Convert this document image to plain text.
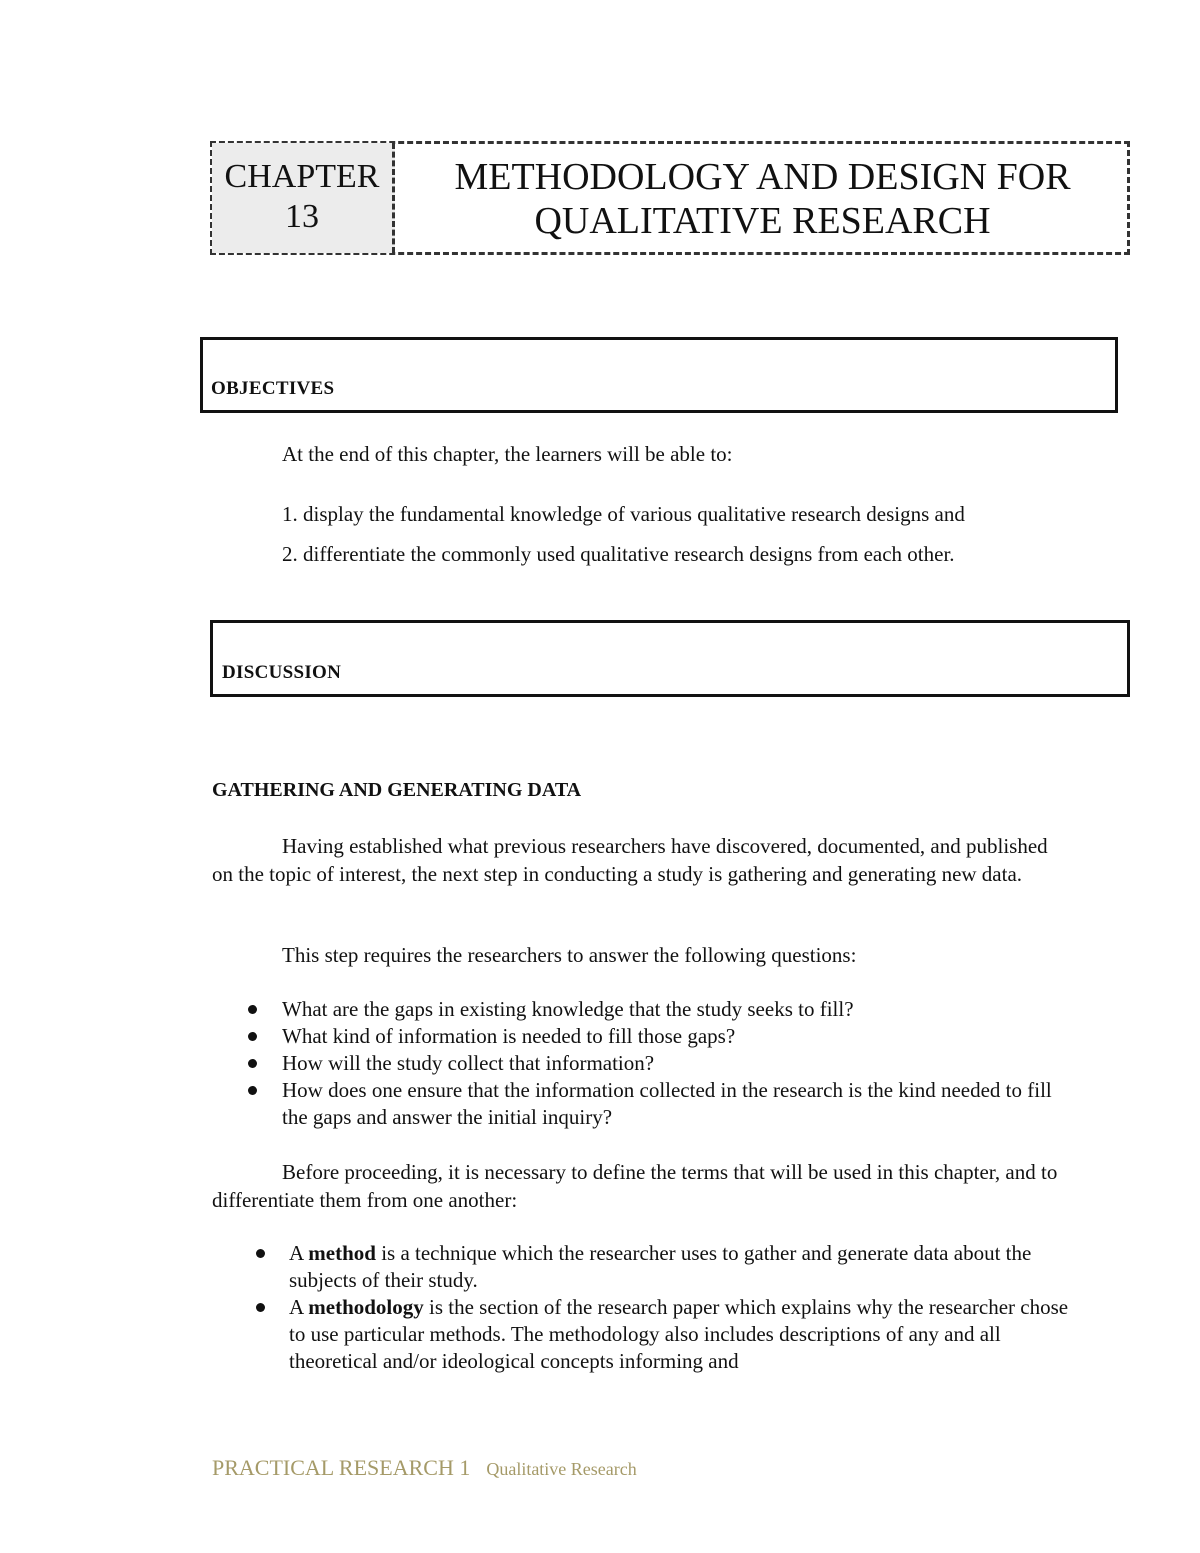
CHAPTER
13
METHODOLOGY AND DESIGN FOR
QUALITATIVE RESEARCH
OBJECTIVES
At the end of this chapter, the learners will be able to:
1. display the fundamental knowledge of various qualitative research designs and
2. differentiate the commonly used qualitative research designs from each other.
DISCUSSION
GATHERING AND GENERATING DATA
Having established what previous researchers have discovered, documented, and published on the topic of interest, the next step in conducting a study is gathering and generating new data.
This step requires the researchers to answer the following questions:
What are the gaps in existing knowledge that the study seeks to fill?
What kind of information is needed to fill those gaps?
How will the study collect that information?
How does one ensure that the information collected in the research is the kind needed to fill the gaps and answer the initial inquiry?
Before proceeding, it is necessary to define the terms that will be used in this chapter, and to differentiate them from one another:
A method is a technique which the researcher uses to gather and generate data about the subjects of their study.
A methodology is the section of the research paper which explains why the researcher chose to use particular methods. The methodology also includes descriptions of any and all theoretical and/or ideological concepts informing and
PRACTICAL RESEARCH 1 Qualitative Research
